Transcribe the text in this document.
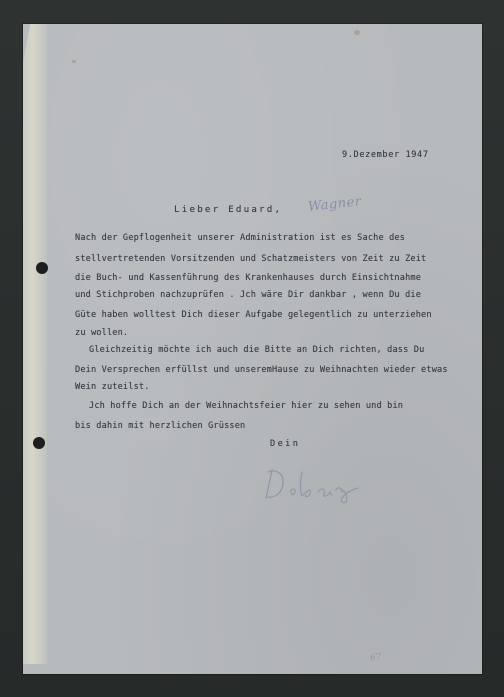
9.Dezember 1947
Lieber Eduard, Wagner
Nach der Gepflogenheit unserer Administration ist es Sache des
stellvertretenden Vorsitzenden und Schatzmeisters von Zeit zu Zeit
die Buch- und Kassenführung des Krankenhauses durch Einsichtnahme
und Stichproben nachzuprüfen . Jch wäre Dir dankbar , wenn Du die
Güte haben wolltest Dich dieser Aufgabe gelegentlich zu unterziehen
zu wollen.
Gleichzeitig möchte ich auch die Bitte an Dich richten, dass Du
Dein Versprechen erfüllst und unseremHause zu Weihnachten wieder etwas
Wein zuteilst.
Jch hoffe Dich an der Weihnachtsfeier hier zu sehen und bin
bis dahin mit herzlichen Grüssen
Dein
67
